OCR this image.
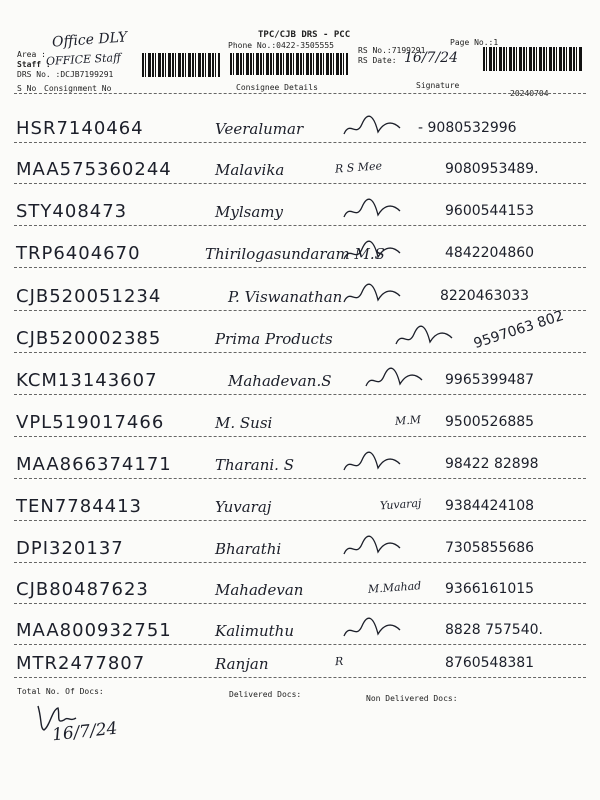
TPC/CJB DRS - PCC
Phone No.:0422-3505555	Page No.:1
Area :
Office DLY
Staff :
OFFICE Staff
DRS No. :DCJB7199291
RS No.:7199291
RS Date: 16/7/24
S No Consignment No	Consignee Details	Signature
20240704
HSR7140464	Veeralumar	- 9080532996
MAA575360244	Malavika	R S Mee	9080953489.
STY408473	Mylsamy	9600544153
TRP6404670	Thirilogasundaram M.S	4842204860
CJB520051234	P. Viswanathan	8220463033
CJB520002385	Prima Products	9597063 802
KCM13143607	Mahadevan.S	9965399487
VPL519017466	M. Susi	M.M 9500526885
MAA866374171	Tharani. S	98422 82898
TEN7784413	Yuvaraj	Yuvaraj 9384424108
DPI320137	Bharathi	7305855686
CJB80487623	Mahadevan	M.Mahad 9366161015
MAA800932751	Kalimuthu	8828 757540.
MTR2477807	Ranjan	R	8760548381
Total No. Of Docs:	Delivered Docs:	Non Delivered Docs:
16/7/24
